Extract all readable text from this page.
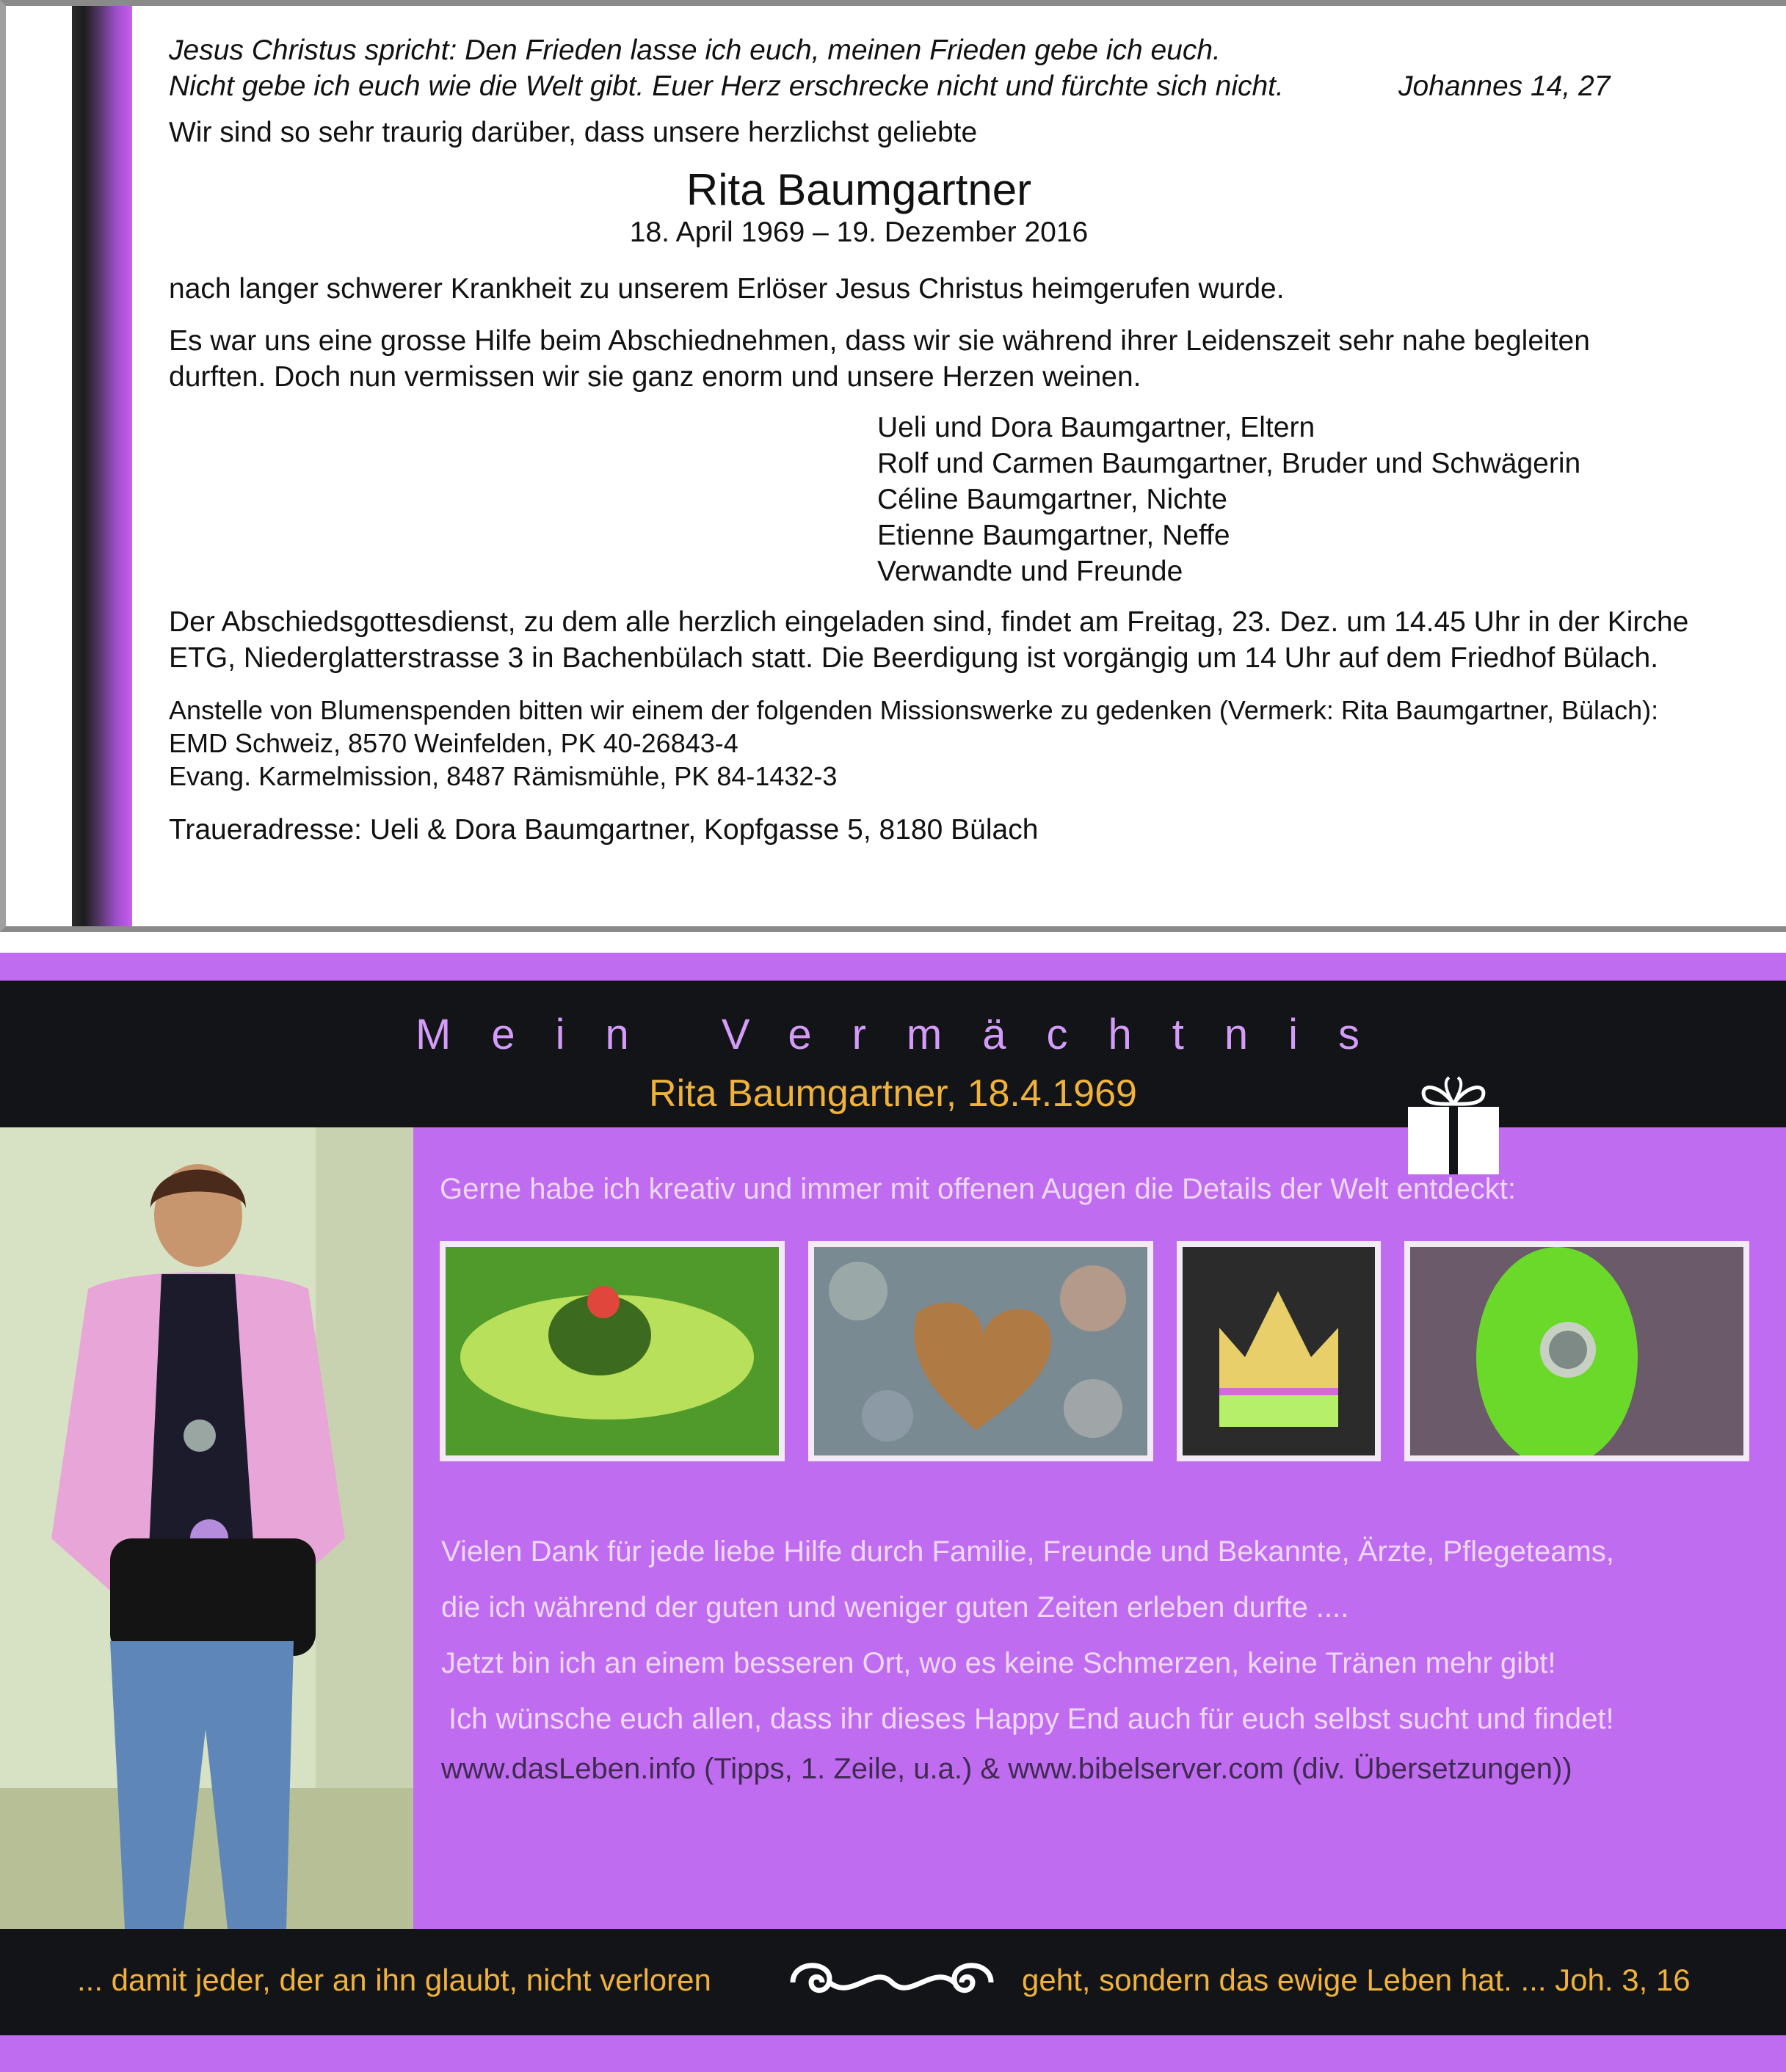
Jesus Christus spricht: Den Frieden lasse ich euch, meinen Frieden gebe ich euch.
Nicht gebe ich euch wie die Welt gibt. Euer Herz erschrecke nicht und fürchte sich nicht.	Johannes 14, 27
Wir sind so sehr traurig darüber, dass unsere herzlichst geliebte
Rita Baumgartner
18. April 1969 – 19. Dezember 2016
nach langer schwerer Krankheit zu unserem Erlöser Jesus Christus heimgerufen wurde.
Es war uns eine grosse Hilfe beim Abschiednehmen, dass wir sie während ihrer Leidenszeit sehr nahe begleiten
durften. Doch nun vermissen wir sie ganz enorm und unsere Herzen weinen.
Ueli und Dora Baumgartner, Eltern
Rolf und Carmen Baumgartner, Bruder und Schwägerin
Céline Baumgartner, Nichte
Etienne Baumgartner, Neffe
Verwandte und Freunde
Der Abschiedsgottesdienst, zu dem alle herzlich eingeladen sind, findet am Freitag, 23. Dez. um 14.45 Uhr in der Kirche
ETG, Niederglatterstrasse 3 in Bachenbülach statt. Die Beerdigung ist vorgängig um 14 Uhr auf dem Friedhof Bülach.
Anstelle von Blumenspenden bitten wir einem der folgenden Missionswerke zu gedenken (Vermerk: Rita Baumgartner, Bülach):
EMD Schweiz, 8570 Weinfelden, PK 40-26843-4
Evang. Karmelmission, 8487 Rämismühle, PK 84-1432-3
Traueradresse: Ueli & Dora Baumgartner, Kopfgasse 5, 8180 Bülach
Mein Vermächtnis
Rita Baumgartner, 18.4.1969
Gerne habe ich kreativ und immer mit offenen Augen die Details der Welt entdeckt:
Vielen Dank für jede liebe Hilfe durch Familie, Freunde und Bekannte, Ärzte, Pflegeteams,
die ich während der guten und weniger guten Zeiten erleben durfte ....
Jetzt bin ich an einem besseren Ort, wo es keine Schmerzen, keine Tränen mehr gibt!
Ich wünsche euch allen, dass ihr dieses Happy End auch für euch selbst sucht und findet!
www.dasLeben.info (Tipps, 1. Zeile, u.a.) & www.bibelserver.com (div. Übersetzungen))
... damit jeder, der an ihn glaubt, nicht verloren	geht, sondern das ewige Leben hat. ... Joh. 3, 16
